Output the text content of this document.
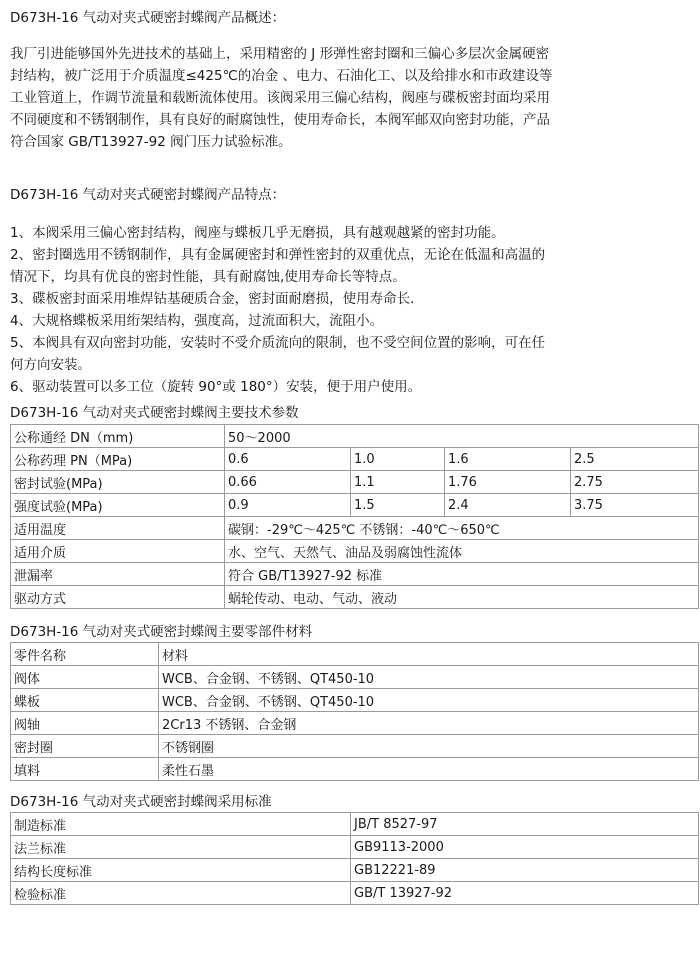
D673H-16 气动对夹式硬密封蝶阀产品概述：

我厂引进能够国外先进技术的基础上，采用精密的 J 形弹性密封圈和三偏心多层次金属硬密

封结构，被广泛用于介质温度≤425℃的冶金 、电力、石油化工、以及给排水和市政建设等

工业管道上，作调节流量和载断流体使用。该阀采用三偏心结构，阀座与碟板密封面均采用

不同硬度和不锈钢制作，具有良好的耐腐蚀性，使用寿命长，本阀军邮双向密封功能，产品

符合国家 GB/T13927-92 阀门压力试验标准。

D673H-16 气动对夹式硬密封蝶阀产品特点：

1、本阀采用三偏心密封结构，阀座与蝶板几乎无磨损，具有越观越紧的密封功能。

2、密封圈选用不锈钢制作，具有金属硬密封和弹性密封的双重优点，无论在低温和高温的

情况下，均具有优良的密封性能，具有耐腐蚀,使用寿命长等特点。

3、碟板密封面采用堆焊钴基硬质合金，密封面耐磨损，使用寿命长.

4、大规格蝶板采用绗架结构，强度高，过流面积大，流阻小。

5、本阀具有双向密封功能，安装时不受介质流向的限制，也不受空间位置的影响，可在任

何方向安装。

6、驱动装置可以多工位（旋转 90°或 180°）安装，便于用户使用。

D673H-16 气动对夹式硬密封蝶阀主要技术参数
公称通经 DN（mm)	50～2000			
公称药理 PN（MPa)	0.6	1.0	1.6	2.5
密封试验(MPa)	0.66	1.1	1.76	2.75
强度试验(MPa)	0.9	1.5	2.4	3.75
适用温度	碳钢：-29℃～425℃ 不锈钢：-40℃～650℃			
适用介质	水、空气、天然气、油品及弱腐蚀性流体			
泄漏率	符合 GB/T13927-92 标准			
驱动方式	蜗轮传动、电动、气动、液动			
D673H-16 气动对夹式硬密封蝶阀主要零部件材料
零件名称	材料
阀体	WCB、合金钢、不锈钢、QT450-10
蝶板	WCB、合金钢、不锈钢、QT450-10
阀轴	2Cr13 不锈钢、合金钢
密封圈	不锈钢圈
填料	柔性石墨
D673H-16 气动对夹式硬密封蝶阀采用标准
制造标准	JB/T 8527-97
法兰标准	GB9113-2000
结构长度标准	GB12221-89
检验标准	GB/T 13927-92
